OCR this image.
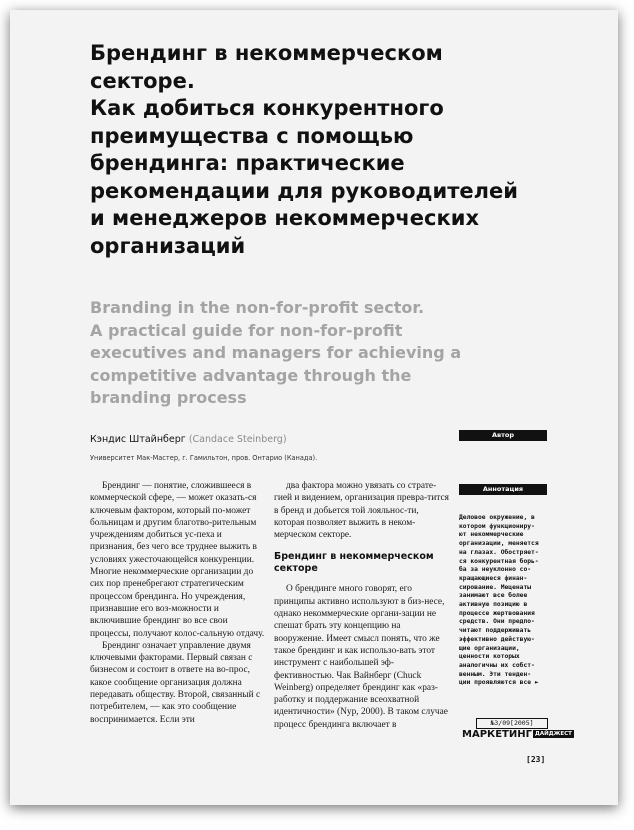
Брендинг в некоммерческом
секторе.
Как добиться конкурентного
преимущества с помощью
брендинга: практические
рекомендации для руководителей
и менеджеров некоммерческих
организаций
Branding in the non-for-profit sector.
A practical guide for non-for-profit
executives and managers for achieving a
competitive advantage through the
branding process
Кэндис Штайнберг (Candace Steinberg)
Университет Мак-Мастер, г. Гамильтон, пров. Онтарио (Канада).
Автор
Аннотация

Брендинг — понятие, сложившееся в коммерческой сфере, — может оказать-ся ключевым фактором, который по-может больницам и другим благотво-рительным учреждениям добиться ус-пеха и признания, без чего все труднее выжить в условиях ужесточающейся конкуренции. Многие некоммерческие организации до сих пор пренебрегают стратегическим процессом брендинга. Но учреждения, признавшие его воз-можности и включившие брендинг во все свои процессы, получают колос-сальную отдачу.

Брендинг означает управление двумя ключевыми факторами. Первый связан с бизнесом и состоит в ответе на во-прос, какое сообщение организация должна передавать обществу. Второй, связанный с потребителем, — как это сообщение воспринимается. Если эти

два фактора можно увязать со страте-гией и видением, организация превра-тится в бренд и добьется той лояльнос-ти, которая позволяет выжить в неком-мерческом секторе.

Брендинг в некоммерческом секторе

О брендинге много говорят, его принципы активно используют в биз-несе, однако некоммерческие органи-зации не спешат брать эту концепцию на вооружение. Имеет смысл понять, что же такое брендинг и как использо-вать этот инструмент с наибольшей эф-фективностью. Чак Вайнберг (Chuck Weinberg) определяет брендинг как «раз-работку и поддержание всеохватной идентичности» (Nyp, 2000). В таком случае процесс брендинга включает в

Деловое окружение, в

котором функциониру-

ют некоммерческие

организации, меняется

на глазах. Обостряет-

ся конкурентная борь-

ба за неуклонно со-

кращающиеся финан-

сирование. Меценаты

занимают все более

активную позицию в

процессе жертвования

средств. Они предпо-

читают поддерживать

эффективно действую-

щие организации,

ценности которых

аналогичны их собст-

венным. Эти тенден-

ции проявляются все ►

№3/09[2005]
МАРКЕТИНГ ДАЙДЖЕСТ
[23]
